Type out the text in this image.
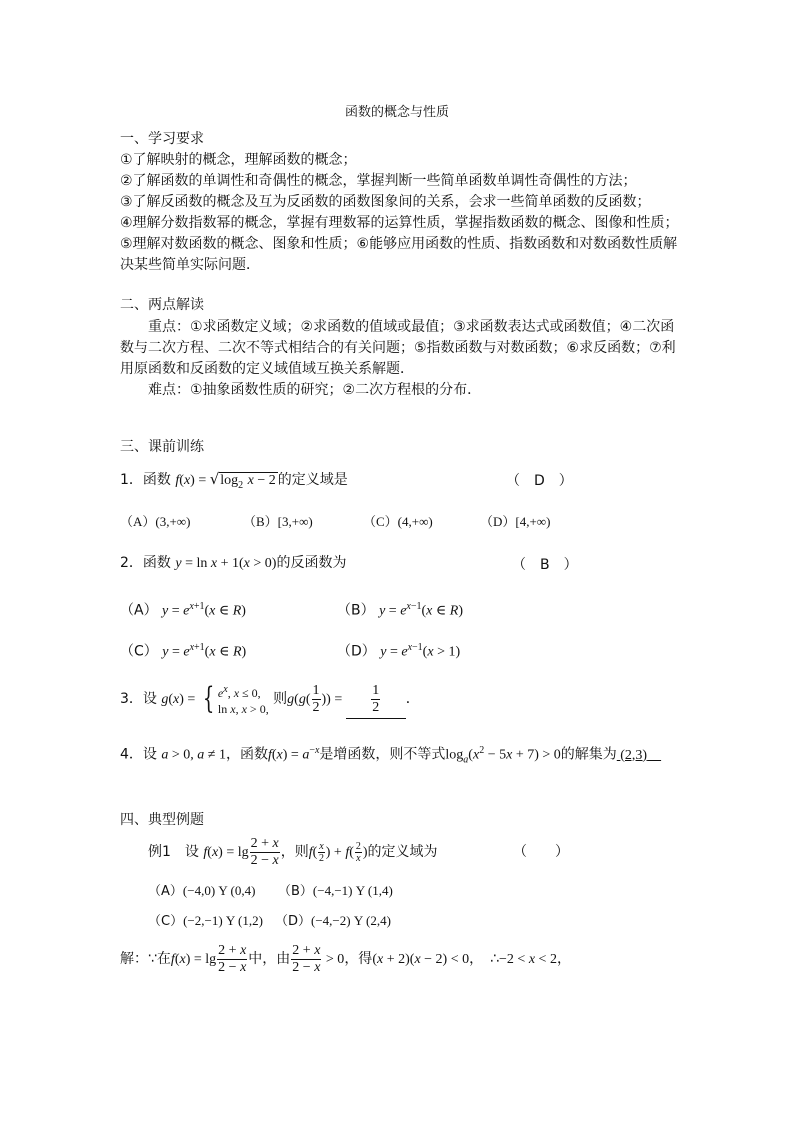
函数的概念与性质
一、学习要求
①了解映射的概念，理解函数的概念；
②了解函数的单调性和奇偶性的概念，掌握判断一些简单函数单调性奇偶性的方法；
③了解反函数的概念及互为反函数的函数图象间的关系，会求一些简单函数的反函数；
④理解分数指数幂的概念，掌握有理数幂的运算性质，掌握指数函数的概念、图像和性质；
⑤理解对数函数的概念、图象和性质；⑥能够应用函数的性质、指数函数和对数函数性质解
决某些简单实际问题．
二、两点解读
重点：①求函数定义域；②求函数的值域或最值；③求函数表达式或函数值；④二次函
数与二次方程、二次不等式相结合的有关问题；⑤指数函数与对数函数；⑥求反函数；⑦利
用原函数和反函数的定义域值域互换关系解题．
难点：①抽象函数性质的研究；②二次方程根的分布．
三、课前训练
1．函数 $f(x) = √\log_2$ x − 2 的定义域是	（　D　）
（A）(3,+∞)	（B）[3,+∞)	（C）(4,+∞)	（D）[4,+∞)
2．函数 y = ln x + 1(x > 0)的反函数为	（　B　）
（A） $y = e^{x+1}(x$ ∈ R)	（B） $y = e^{x-1}(x$ ∈ R)
（C） $y = e^{x+1}(x$ ∈ R)	（D） $y = e^{x-1}(x > 1)$
3．设 g(x) = { $e^x$, x ≤ 0,
ln x, x > 0,
则$g(g( \frac{1}{2}$ )) = $\frac{1}{2}$ ．
4．设 a > 0, a ≠ 1，函数$f(x) = a^{-x}$是增函数，则不等式$\log_a(x^2 - 5x + 7) > 0$的解集为 (2,3)
四、典型例题
例1　设 $f(x) = \lg \frac{2 + x}{2 - x}$ ，则$f( \frac{x}{2}$ ) + $f( \frac{2}{x}$ )的定义域为	（　　）
（A）(−4,0) Y (0,4) （B）(−4,−1) Y (1,4)
（C）(−2,−1) Y (1,2) （D）(−4,−2) Y (2,4)
解：∵在$f(x) = \lg \frac{2 + x}{2 - x}$ 中，由 $\frac{2 + x}{2 - x} > 0$，得(x + 2)(x − 2) < 0，　∴−2 < x < 2，
